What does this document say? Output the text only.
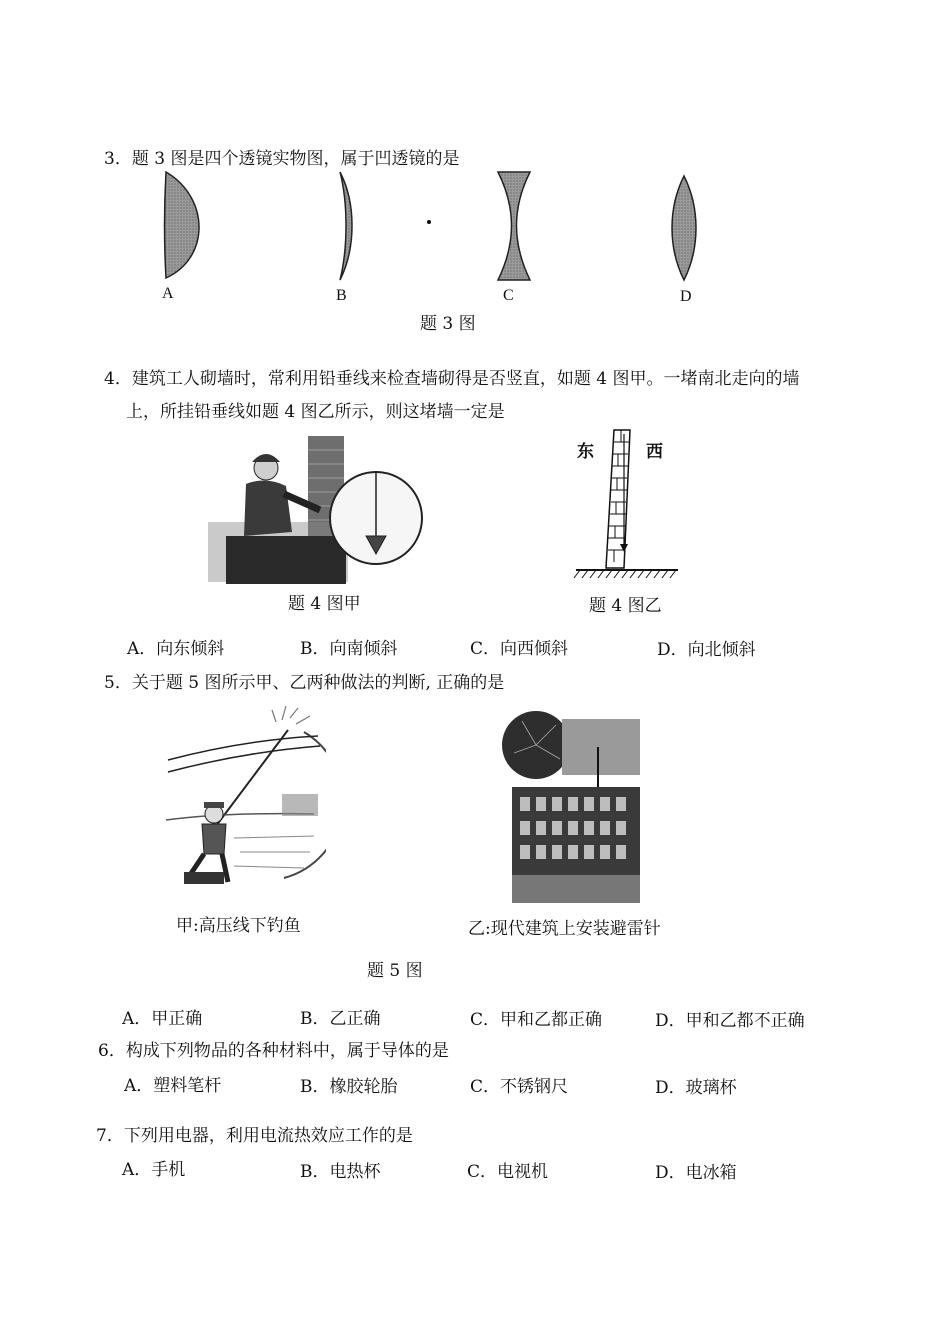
3．题 3 图是四个透镜实物图，属于凹透镜的是
A	B	C	D
题 3 图
4．建筑工人砌墙时，常利用铅垂线来检查墙砌得是否竖直，如题 4 图甲。一堵南北走向的墙
上，所挂铅垂线如题 4 图乙所示，则这堵墙一定是
题 4 图甲
东	西
题 4 图乙
A．向东倾斜	B．向南倾斜	C．向西倾斜	D．向北倾斜
5．关于题 5 图所示甲、乙两种做法的判断, 正确的是
甲:高压线下钓鱼	乙:现代建筑上安装避雷针
题 5 图
A．甲正确	B．乙正确	C．甲和乙都正确	D．甲和乙都不正确
6．构成下列物品的各种材料中，属于导体的是
A．塑料笔杆	B．橡胶轮胎	C．不锈钢尺	D．玻璃杯
7．下列用电器，利用电流热效应工作的是
A．手机	B．电热杯	C．电视机	D．电冰箱
